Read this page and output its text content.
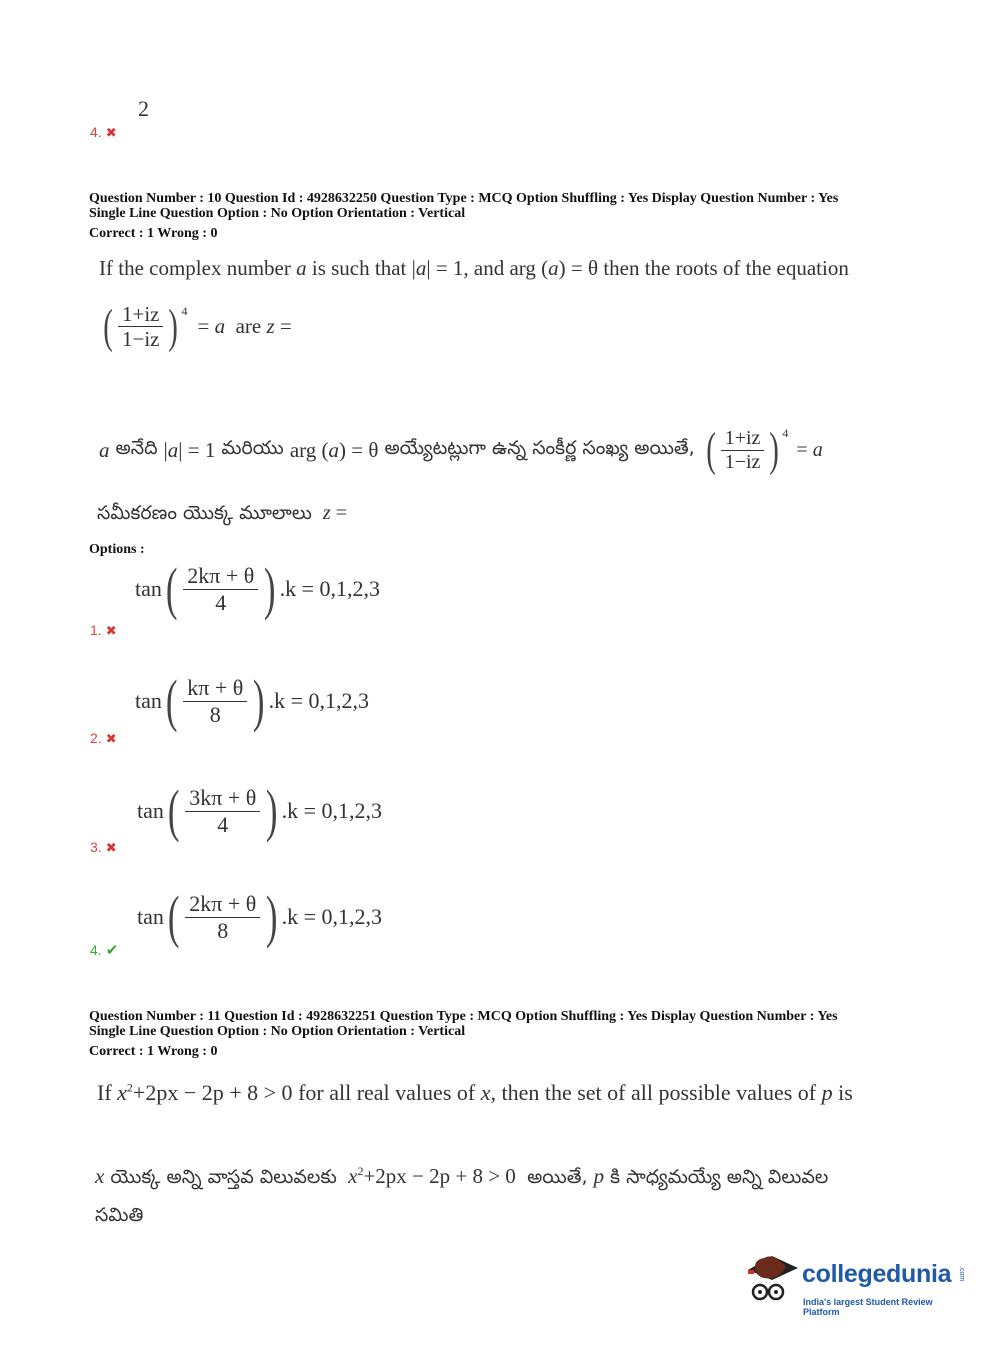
2
4. ✖
Question Number : 10 Question Id : 4928632250 Question Type : MCQ Option Shuffling : Yes Display Question Number : Yes
Single Line Question Option : No Option Orientation : Vertical
Correct : 1 Wrong : 0
If the complex number a is such that |a| = 1, and arg (a) = θ then the roots of the equation
( $\frac{1+iz}{1-iz}$ ) $^4$
= a are z =
a
అనేది
|a| = 1
మరియు
arg (a) = θ
అయ్యేటట్లుగా ఉన్న సంకీర్ణ సంఖ్య అయితే, ( $\frac{1+iz}{1-iz}$ ) $^4$
= a
సమీకరణం యొక్క మూలాలు z =
Options :
tan ( $\frac{2k\pi + \theta}{4}$ ) .k = 0,1,2,3
1. ✖
tan ( $\frac{k\pi + \theta}{8}$ ) .k = 0,1,2,3
2. ✖
tan ( $\frac{3k\pi + \theta}{4}$ ) .k = 0,1,2,3
3. ✖
tan ( $\frac{2k\pi + \theta}{8}$ ) .k = 0,1,2,3
4. ✔
Question Number : 11 Question Id : 4928632251 Question Type : MCQ Option Shuffling : Yes Display Question Number : Yes
Single Line Question Option : No Option Orientation : Vertical
Correct : 1 Wrong : 0
If $x^2+2px - 2p + 8 > 0$ for all real values of x, then the set of all possible values of p is
x యొక్క అన్ని వాస్తవ విలువలకు $x^2+2px - 2p + 8 > 0$ అయితే, p కి సాధ్యమయ్యే అన్ని విలువల
సమితి
collegedunia .com
India's largest Student Review Platform
